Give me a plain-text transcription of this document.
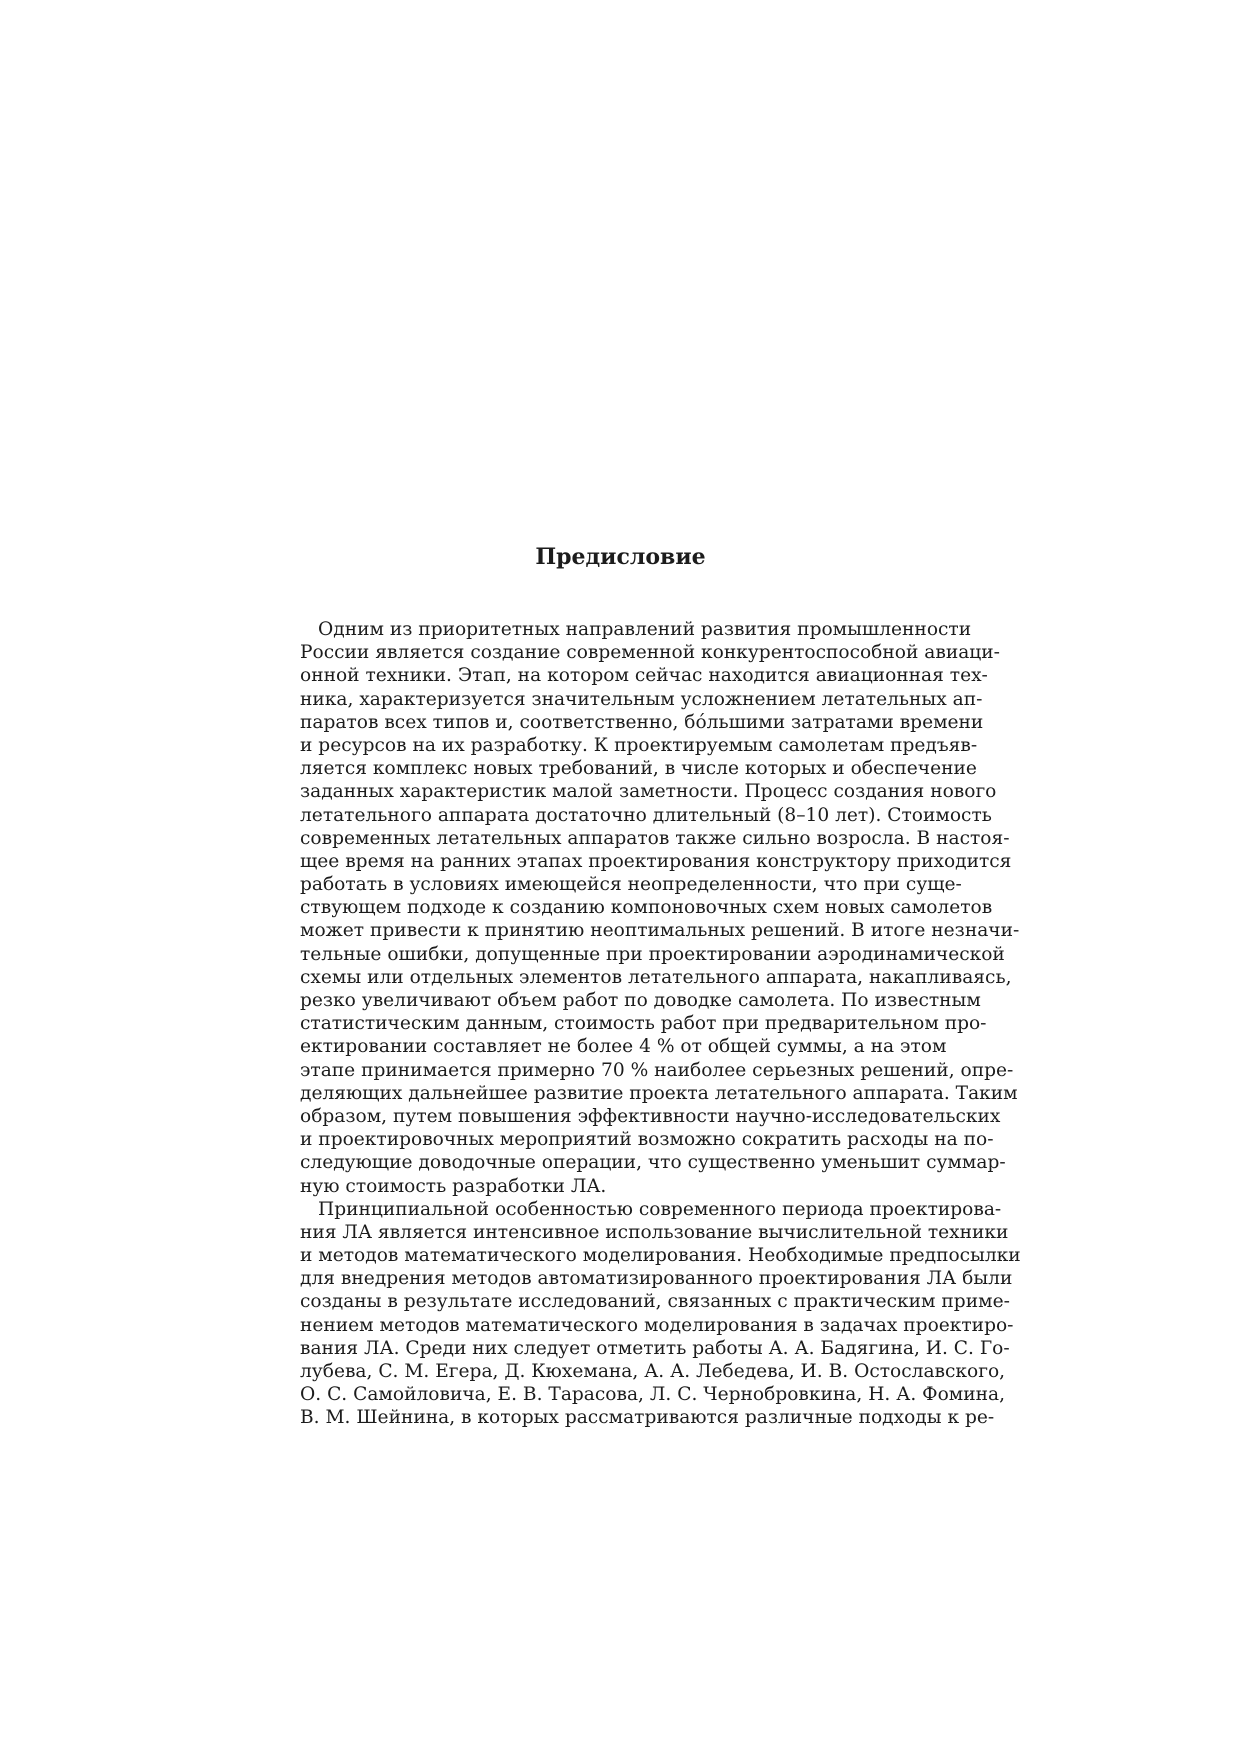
Предисловие
Одним из приоритетных направлений развития промышленности
России является создание современной конкурентоспособной авиаци-
онной техники. Этап, на котором сейчас находится авиационная тех-
ника, характеризуется значительным усложнением летательных ап-
паратов всех типов и, соответственно, бо́льшими затратами времени
и ресурсов на их разработку. К проектируемым самолетам предъяв-
ляется комплекс новых требований, в числе которых и обеспечение
заданных характеристик малой заметности. Процесс создания нового
летательного аппарата достаточно длительный (8–10 лет). Стоимость
современных летательных аппаратов также сильно возросла. В настоя-
щее время на ранних этапах проектирования конструктору приходится
работать в условиях имеющейся неопределенности, что при суще-
ствующем подходе к созданию компоновочных схем новых самолетов
может привести к принятию неоптимальных решений. В итоге незначи-
тельные ошибки, допущенные при проектировании аэродинамической
схемы или отдельных элементов летательного аппарата, накапливаясь,
резко увеличивают объем работ по доводке самолета. По известным
статистическим данным, стоимость работ при предварительном про-
ектировании составляет не более 4 % от общей суммы, а на этом
этапе принимается примерно 70 % наиболее серьезных решений, опре-
деляющих дальнейшее развитие проекта летательного аппарата. Таким
образом, путем повышения эффективности научно-исследовательских
и проектировочных мероприятий возможно сократить расходы на по-
следующие доводочные операции, что существенно уменьшит суммар-
ную стоимость разработки ЛА.
Принципиальной особенностью современного периода проектирова-
ния ЛА является интенсивное использование вычислительной техники
и методов математического моделирования. Необходимые предпосылки
для внедрения методов автоматизированного проектирования ЛА были
созданы в результате исследований, связанных с практическим приме-
нением методов математического моделирования в задачах проектиро-
вания ЛА. Среди них следует отметить работы А. А. Бадягина, И. С. Го-
лубева, С. М. Егера, Д. Кюхемана, А. А. Лебедева, И. В. Остославского,
О. С. Самойловича, Е. В. Тарасова, Л. С. Чернобровкина, Н. А. Фомина,
В. М. Шейнина, в которых рассматриваются различные подходы к ре-
